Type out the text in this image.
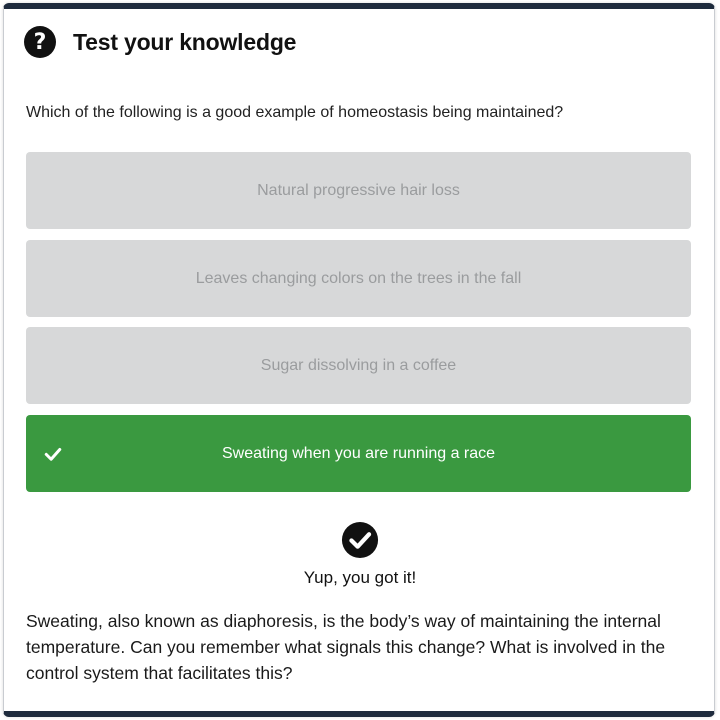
?	Test your knowledge
Which of the following is a good example of homeostasis being maintained?
Natural progressive hair loss
Leaves changing colors on the trees in the fall
Sugar dissolving in a coffee
Sweating when you are running a race
Yup, you got it!
Sweating, also known as diaphoresis, is the body’s way of maintaining the internal temperature. Can you remember what signals this change? What is involved in the control system that facilitates this?
